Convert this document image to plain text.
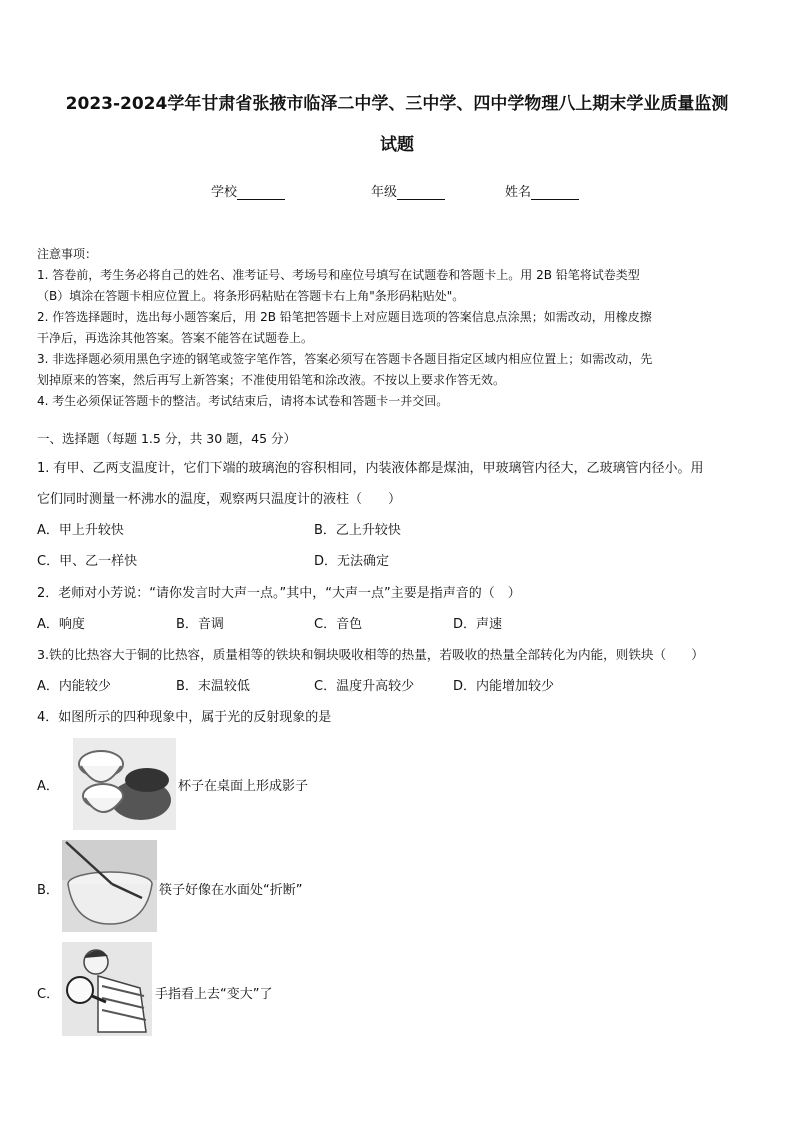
2023-2024学年甘肃省张掖市临泽二中学、三中学、四中学物理八上期末学业质量监测
试题
学校	年级	姓名
注意事项：
1. 答卷前，考生务必将自己的姓名、准考证号、考场号和座位号填写在试题卷和答题卡上。用 2B 铅笔将试卷类型
（B）填涂在答题卡相应位置上。将条形码粘贴在答题卡右上角"条形码粘贴处"。
2. 作答选择题时，选出每小题答案后，用 2B 铅笔把答题卡上对应题目选项的答案信息点涂黑；如需改动，用橡皮擦
干净后，再选涂其他答案。答案不能答在试题卷上。
3. 非选择题必须用黑色字迹的钢笔或签字笔作答，答案必须写在答题卡各题目指定区域内相应位置上；如需改动，先
划掉原来的答案，然后再写上新答案；不准使用铅笔和涂改液。不按以上要求作答无效。
4. 考生必须保证答题卡的整洁。考试结束后，请将本试卷和答题卡一并交回。
一、选择题（每题 1.5 分，共 30 题，45 分）
1. 有甲、乙两支温度计，它们下端的玻璃泡的容积相同，内装液体都是煤油，甲玻璃管内径大，乙玻璃管内径小。用
它们同时测量一杯沸水的温度，观察两只温度计的液柱（　　）
A．甲上升较快	B．乙上升较快
C．甲、乙一样快	D．无法确定
2．老师对小芳说：“请你发言时大声一点。”其中，“大声一点”主要是指声音的（　）
A．响度	B．音调	C．音色	D．声速
3.铁的比热容大于铜的比热容，质量相等的铁块和铜块吸收相等的热量，若吸收的热量全部转化为内能，则铁块（　　）
A．内能较少	B．末温较低	C．温度升高较少	D．内能增加较少
4．如图所示的四种现象中，属于光的反射现象的是
A．	杯子在桌面上形成影子
B．	筷子好像在水面处“折断”
C．	手指看上去“变大”了
